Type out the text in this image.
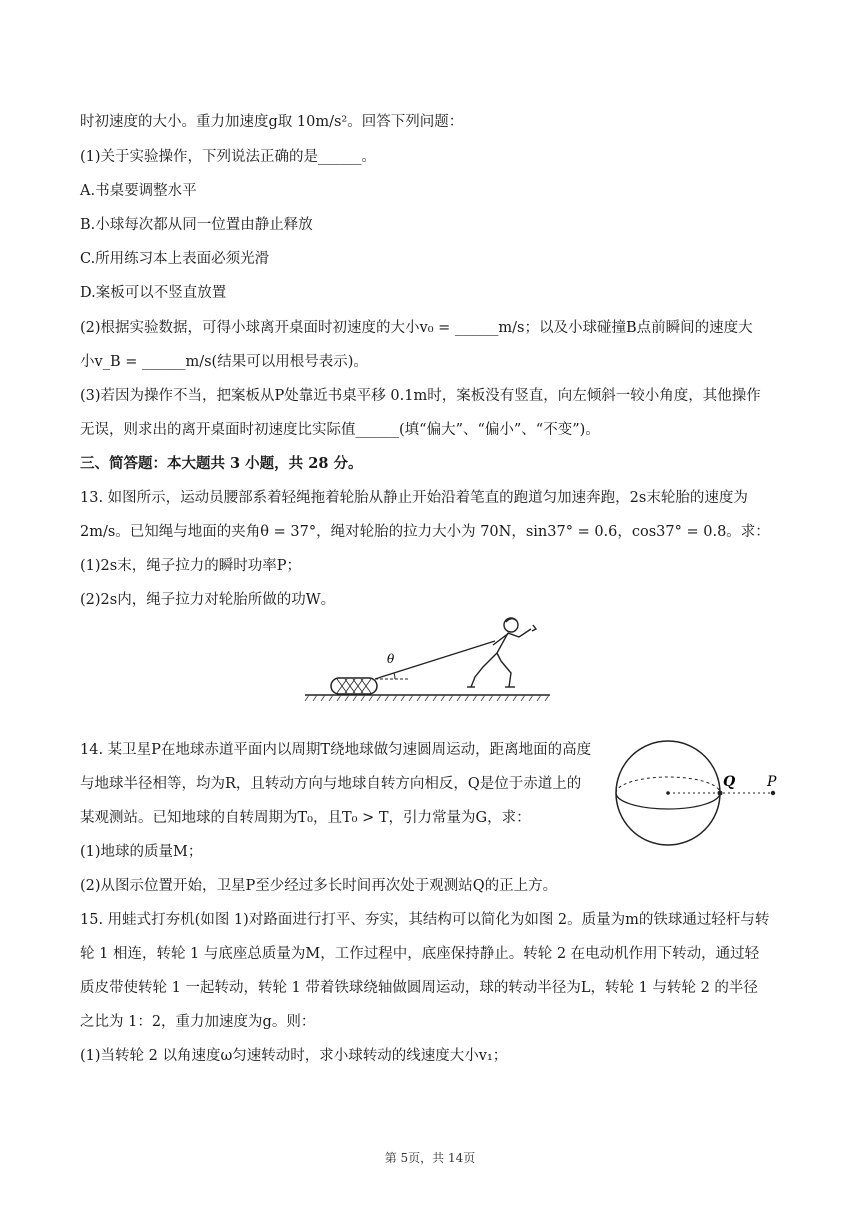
时初速度的大小。重力加速度g取 10m/s²。回答下列问题：
(1)关于实验操作，下列说法正确的是______。
A.书桌要调整水平
B.小球每次都从同一位置由静止释放
C.所用练习本上表面必须光滑
D.案板可以不竖直放置
(2)根据实验数据，可得小球离开桌面时初速度的大小v₀ = ______m/s；以及小球碰撞B点前瞬间的速度大
小v_B = ______m/s(结果可以用根号表示)。
(3)若因为操作不当，把案板从P处靠近书桌平移 0.1m时，案板没有竖直，向左倾斜一较小角度，其他操作
无误，则求出的离开桌面时初速度比实际值______(填“偏大”、“偏小”、“不变”)。
三、简答题：本大题共 3 小题，共 28 分。
13. 如图所示，运动员腰部系着轻绳拖着轮胎从静止开始沿着笔直的跑道匀加速奔跑，2s末轮胎的速度为
2m/s。已知绳与地面的夹角θ = 37°，绳对轮胎的拉力大小为 70N，sin37° = 0.6，cos37° = 0.8。求：
(1)2s末，绳子拉力的瞬时功率P；
(2)2s内，绳子拉力对轮胎所做的功W。
θ
14. 某卫星P在地球赤道平面内以周期T绕地球做匀速圆周运动，距离地面的高度
与地球半径相等，均为R，且转动方向与地球自转方向相反，Q是位于赤道上的
某观测站。已知地球的自转周期为T₀，且T₀ > T，引力常量为G，求：
(1)地球的质量M；
(2)从图示位置开始，卫星P至少经过多长时间再次处于观测站Q的正上方。
Q P
15. 用蛙式打夯机(如图 1)对路面进行打平、夯实，其结构可以简化为如图 2。质量为m的铁球通过轻杆与转
轮 1 相连，转轮 1 与底座总质量为M，工作过程中，底座保持静止。转轮 2 在电动机作用下转动，通过轻
质皮带使转轮 1 一起转动，转轮 1 带着铁球绕轴做圆周运动，球的转动半径为L，转轮 1 与转轮 2 的半径
之比为 1：2，重力加速度为g。则：
(1)当转轮 2 以角速度ω匀速转动时，求小球转动的线速度大小v₁；
第 5页，共 14页
